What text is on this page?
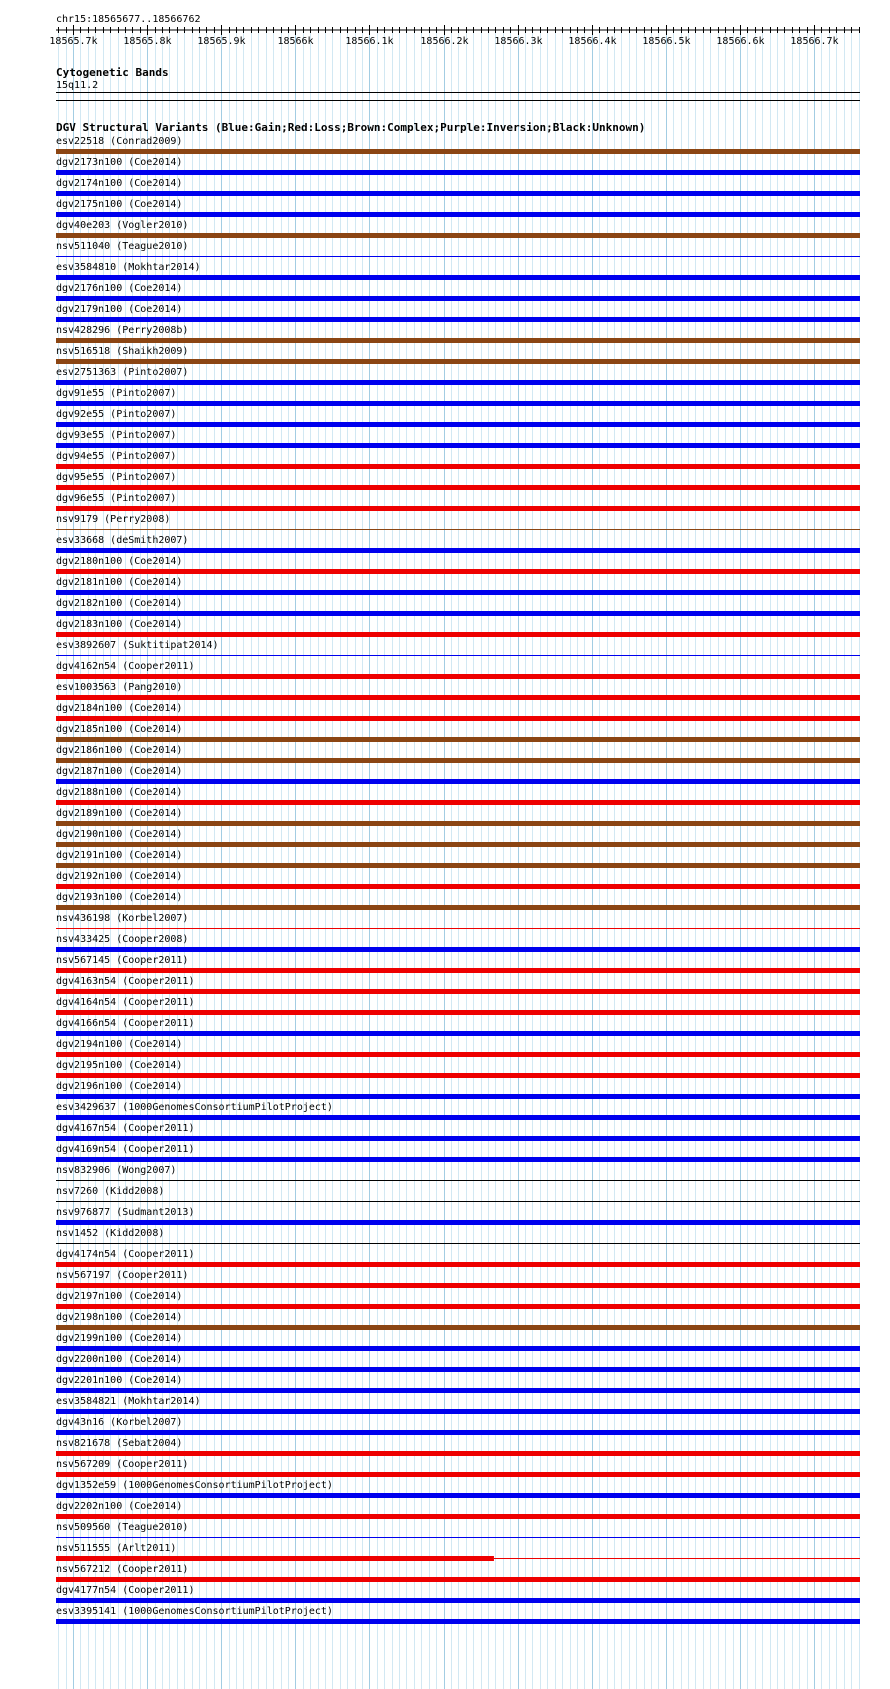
chr15:18565677..18566762
18565.7k	18565.8k	18565.9k	18566k	18566.1k	18566.2k	18566.3k	18566.4k	18566.5k	18566.6k	18566.7k
Cytogenetic Bands
15q11.2
DGV Structural Variants (Blue:Gain;Red:Loss;Brown:Complex;Purple:Inversion;Black:Unknown)
esv22518 (Conrad2009)
dgv2173n100 (Coe2014)
dgv2174n100 (Coe2014)
dgv2175n100 (Coe2014)
dgv40e203 (Vogler2010)
nsv511040 (Teague2010)
esv3584810 (Mokhtar2014)
dgv2176n100 (Coe2014)
dgv2179n100 (Coe2014)
nsv428296 (Perry2008b)
nsv516518 (Shaikh2009)
esv2751363 (Pinto2007)
dgv91e55 (Pinto2007)
dgv92e55 (Pinto2007)
dgv93e55 (Pinto2007)
dgv94e55 (Pinto2007)
dgv95e55 (Pinto2007)
dgv96e55 (Pinto2007)
nsv9179 (Perry2008)
esv33668 (deSmith2007)
dgv2180n100 (Coe2014)
dgv2181n100 (Coe2014)
dgv2182n100 (Coe2014)
dgv2183n100 (Coe2014)
esv3892607 (Suktitipat2014)
dgv4162n54 (Cooper2011)
esv1003563 (Pang2010)
dgv2184n100 (Coe2014)
dgv2185n100 (Coe2014)
dgv2186n100 (Coe2014)
dgv2187n100 (Coe2014)
dgv2188n100 (Coe2014)
dgv2189n100 (Coe2014)
dgv2190n100 (Coe2014)
dgv2191n100 (Coe2014)
dgv2192n100 (Coe2014)
dgv2193n100 (Coe2014)
nsv436198 (Korbel2007)
nsv433425 (Cooper2008)
nsv567145 (Cooper2011)
dgv4163n54 (Cooper2011)
dgv4164n54 (Cooper2011)
dgv4166n54 (Cooper2011)
dgv2194n100 (Coe2014)
dgv2195n100 (Coe2014)
dgv2196n100 (Coe2014)
esv3429637 (1000GenomesConsortiumPilotProject)
dgv4167n54 (Cooper2011)
dgv4169n54 (Cooper2011)
nsv832906 (Wong2007)
nsv7260 (Kidd2008)
nsv976877 (Sudmant2013)
nsv1452 (Kidd2008)
dgv4174n54 (Cooper2011)
nsv567197 (Cooper2011)
dgv2197n100 (Coe2014)
dgv2198n100 (Coe2014)
dgv2199n100 (Coe2014)
dgv2200n100 (Coe2014)
dgv2201n100 (Coe2014)
esv3584821 (Mokhtar2014)
dgv43n16 (Korbel2007)
nsv821678 (Sebat2004)
nsv567209 (Cooper2011)
dgv1352e59 (1000GenomesConsortiumPilotProject)
dgv2202n100 (Coe2014)
nsv509560 (Teague2010)
nsv511555 (Arlt2011)
nsv567212 (Cooper2011)
dgv4177n54 (Cooper2011)
esv3395141 (1000GenomesConsortiumPilotProject)
